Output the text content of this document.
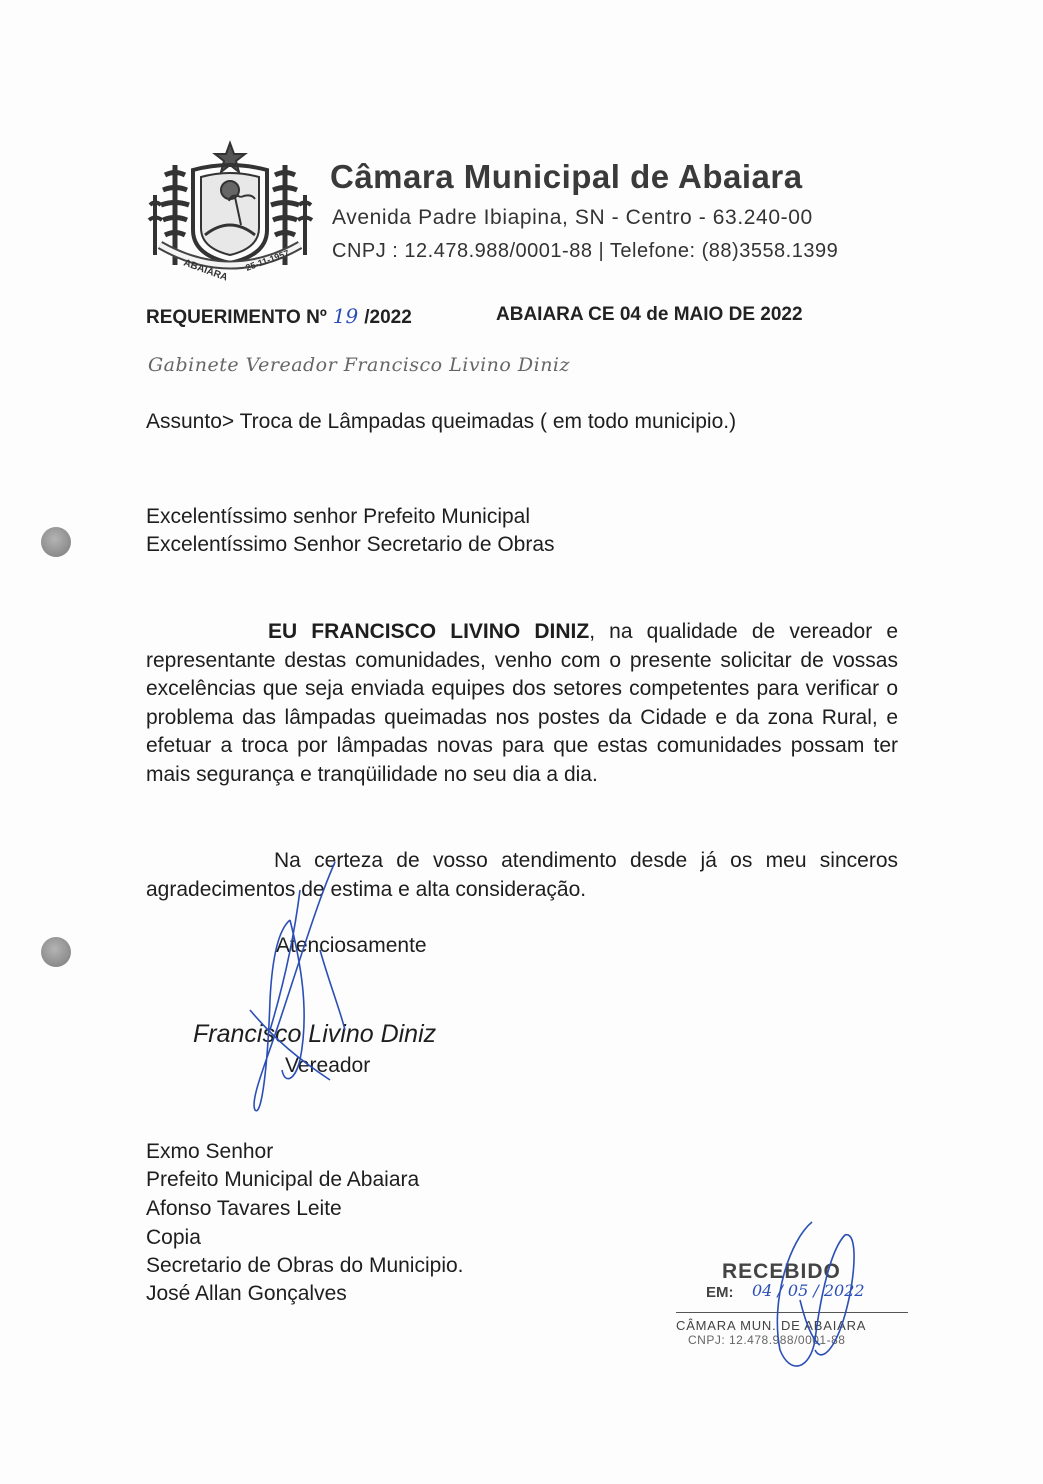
ABAIARA 25-11-1957
Câmara Municipal de Abaiara
Avenida Padre Ibiapina, SN - Centro - 63.240-00
CNPJ : 12.478.988/0001-88 | Telefone: (88)3558.1399
REQUERIMENTO Nº 19 /2022	ABAIARA CE 04 de MAIO DE 2022
Gabinete Vereador Francisco Livino Diniz
Assunto> Troca de Lâmpadas queimadas ( em todo municipio.)
Excelentíssimo senhor Prefeito Municipal
Excelentíssimo Senhor Secretario de Obras
EU FRANCISCO LIVINO DINIZ, na qualidade de vereador e representante destas comunidades, venho com o presente solicitar de vossas excelências que seja enviada equipes dos setores competentes para verificar o problema das lâmpadas queimadas nos postes da Cidade e da zona Rural, e efetuar a troca por lâmpadas novas para que estas comunidades possam ter mais segurança e tranqüilidade no seu dia a dia.
Na certeza de vosso atendimento desde já os meu sinceros agradecimentos de estima e alta consideração.
Atenciosamente
Francisco Livino Diniz
Vereador
Exmo Senhor
Prefeito Municipal de Abaiara
Afonso Tavares Leite
Copia
Secretario de Obras do Municipio.
José Allan Gonçalves
RECEBIDO
EM: 04 / 05 / 2022
CÂMARA MUN. DE ABAIARA
CNPJ: 12.478.988/0001-88
